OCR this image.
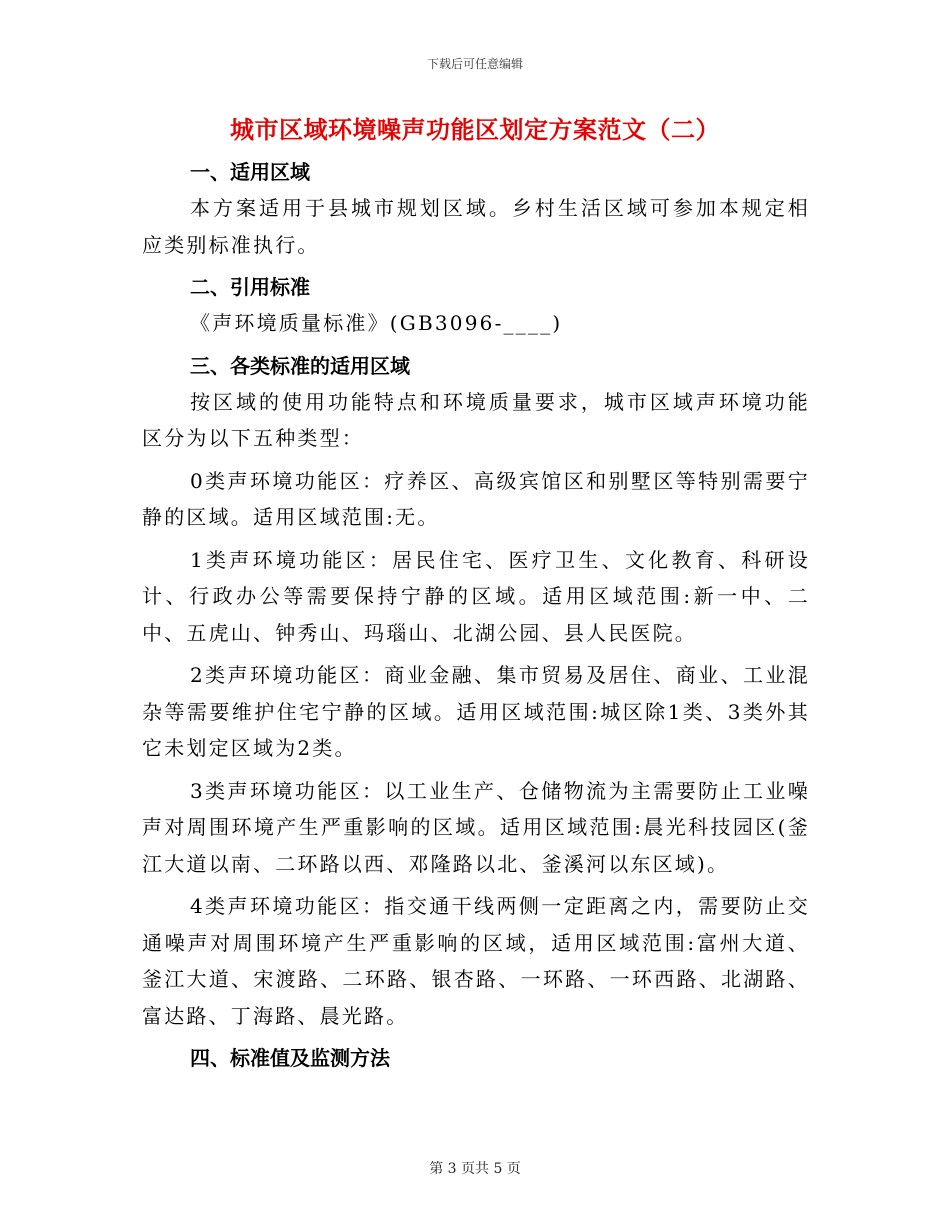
下载后可任意编辑
城市区域环境噪声功能区划定方案范文（二）

一、适用区域

本方案适用于县城市规划区域。乡村生活区域可参加本规定相应类别标准执行。

二、引用标准

《声环境质量标准》(GB3096-____)

三、各类标准的适用区域

按区域的使用功能特点和环境质量要求，城市区域声环境功能区分为以下五种类型：

0类声环境功能区：疗养区、高级宾馆区和别墅区等特别需要宁静的区域。适用区域范围:无。

1类声环境功能区：居民住宅、医疗卫生、文化教育、科研设计、行政办公等需要保持宁静的区域。适用区域范围:新一中、二中、五虎山、钟秀山、玛瑙山、北湖公园、县人民医院。

2类声环境功能区：商业金融、集市贸易及居住、商业、工业混杂等需要维护住宅宁静的区域。适用区域范围:城区除1类、3类外其它未划定区域为2类。

3类声环境功能区：以工业生产、仓储物流为主需要防止工业噪声对周围环境产生严重影响的区域。适用区域范围:晨光科技园区(釜江大道以南、二环路以西、邓隆路以北、釜溪河以东区域)。

4类声环境功能区：指交通干线两侧一定距离之内，需要防止交通噪声对周围环境产生严重影响的区域，适用区域范围:富州大道、釜江大道、宋渡路、二环路、银杏路、一环路、一环西路、北湖路、富达路、丁海路、晨光路。

四、标准值及监测方法

第 3 页共 5 页
